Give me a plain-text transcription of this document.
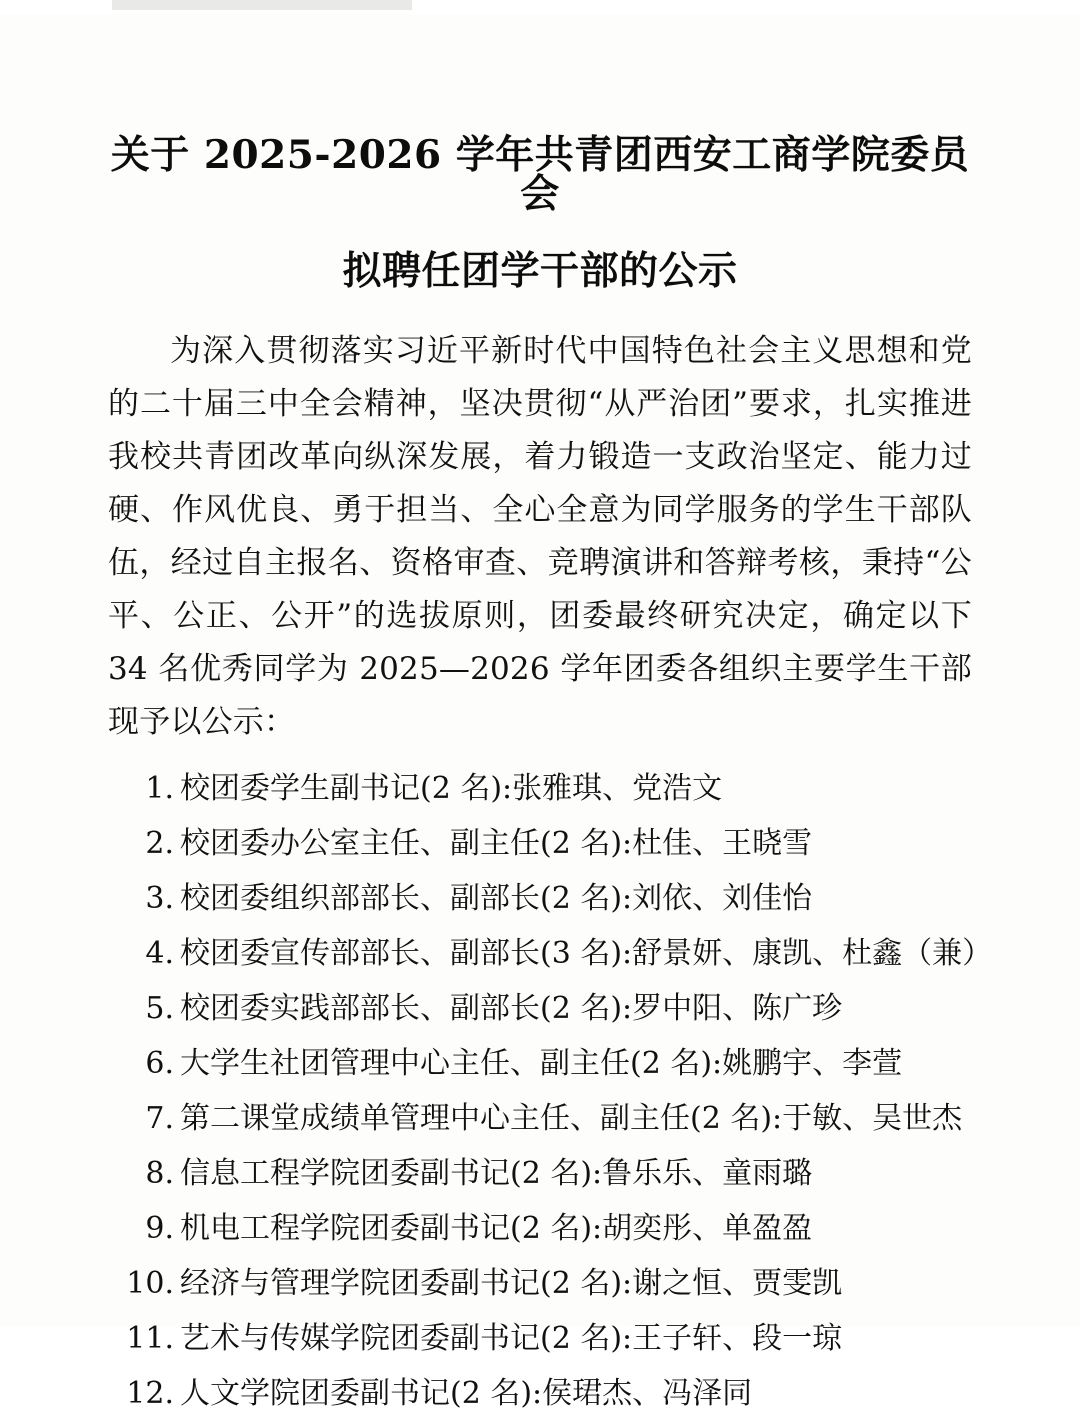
关于 2025-2026 学年共青团西安工商学院委员会
拟聘任团学干部的公示

为深入贯彻落实习近平新时代中国特色社会主义思想和党的二十届三中全会精神，坚决贯彻“从严治团”要求，扎实推进我校共青团改革向纵深发展，着力锻造一支政治坚定、能力过硬、作风优良、勇于担当、全心全意为同学服务的学生干部队伍，经过自主报名、资格审查、竞聘演讲和答辩考核，秉持“公平、公正、公开”的选拔原则，团委最终研究决定，确定以下 34 名优秀同学为 2025—2026 学年团委各组织主要学生干部现予以公示：

1. 校团委学生副书记(2 名):张雅琪、党浩文
2. 校团委办公室主任、副主任(2 名):杜佳、王晓雪
3. 校团委组织部部长、副部长(2 名):刘依、刘佳怡
4. 校团委宣传部部长、副部长(3 名):舒景妍、康凯、杜鑫（兼）
5. 校团委实践部部长、副部长(2 名):罗中阳、陈广珍
6. 大学生社团管理中心主任、副主任(2 名):姚鹏宇、李萱
7. 第二课堂成绩单管理中心主任、副主任(2 名):于敏、吴世杰
8. 信息工程学院团委副书记(2 名):鲁乐乐、童雨璐
9. 机电工程学院团委副书记(2 名):胡奕彤、单盈盈
10. 经济与管理学院团委副书记(2 名):谢之恒、贾雯凯
11. 艺术与传媒学院团委副书记(2 名):王子轩、段一琼
12. 人文学院团委副书记(2 名):侯珺杰、冯泽同
